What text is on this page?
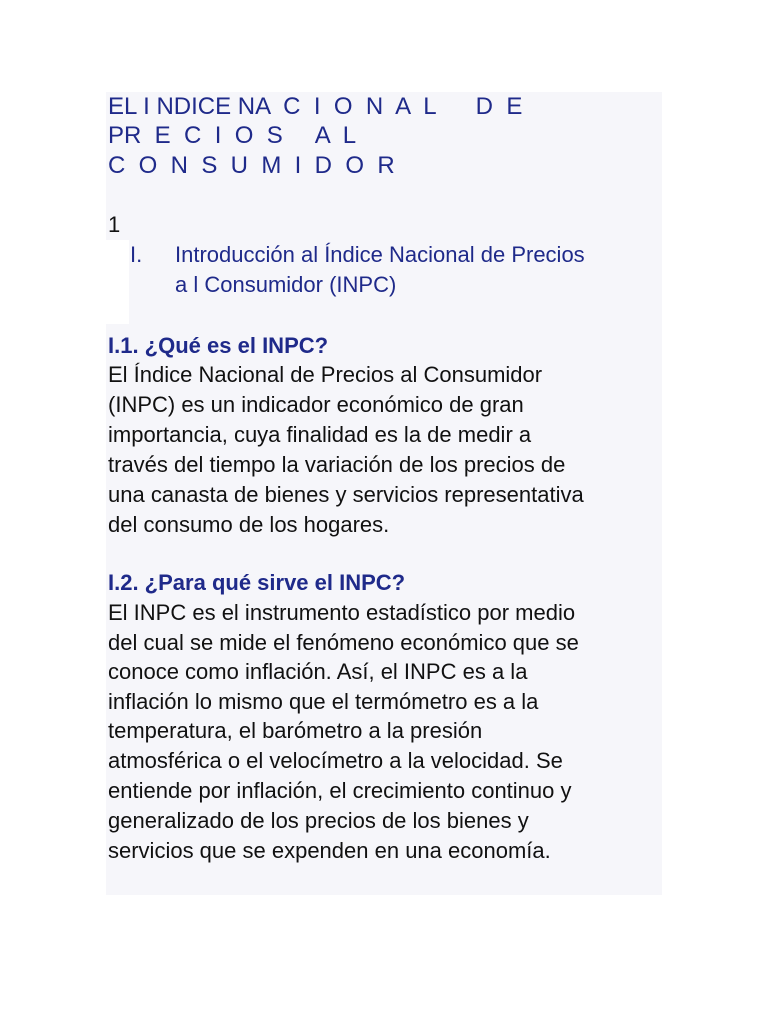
EL I NDICE NA  C  I  O  N  A  L      D  E

PR  E  C  I  O  S     A  L

C  O  N  S  U  M  I  D  O  R

1

I. Introducción al Índice Nacional de Precios

a l Consumidor (INPC)

I.1. ¿Qué es el INPC?

El Índice Nacional de Precios al Consumidor

(INPC) es un indicador económico de gran

importancia, cuya finalidad es la de medir a

través del tiempo la variación de los precios de

una canasta de bienes y servicios representativa

del consumo de los hogares.

I.2. ¿Para qué sirve el INPC?

El INPC es el instrumento estadístico por medio

del cual se mide el fenómeno económico que se

conoce como inflación. Así, el INPC es a la

inflación lo mismo que el termómetro es a la

temperatura, el barómetro a la presión

atmosférica o el velocímetro a la velocidad. Se

entiende por inflación, el crecimiento continuo y

generalizado de los precios de los bienes y

servicios que se expenden en una economía.
